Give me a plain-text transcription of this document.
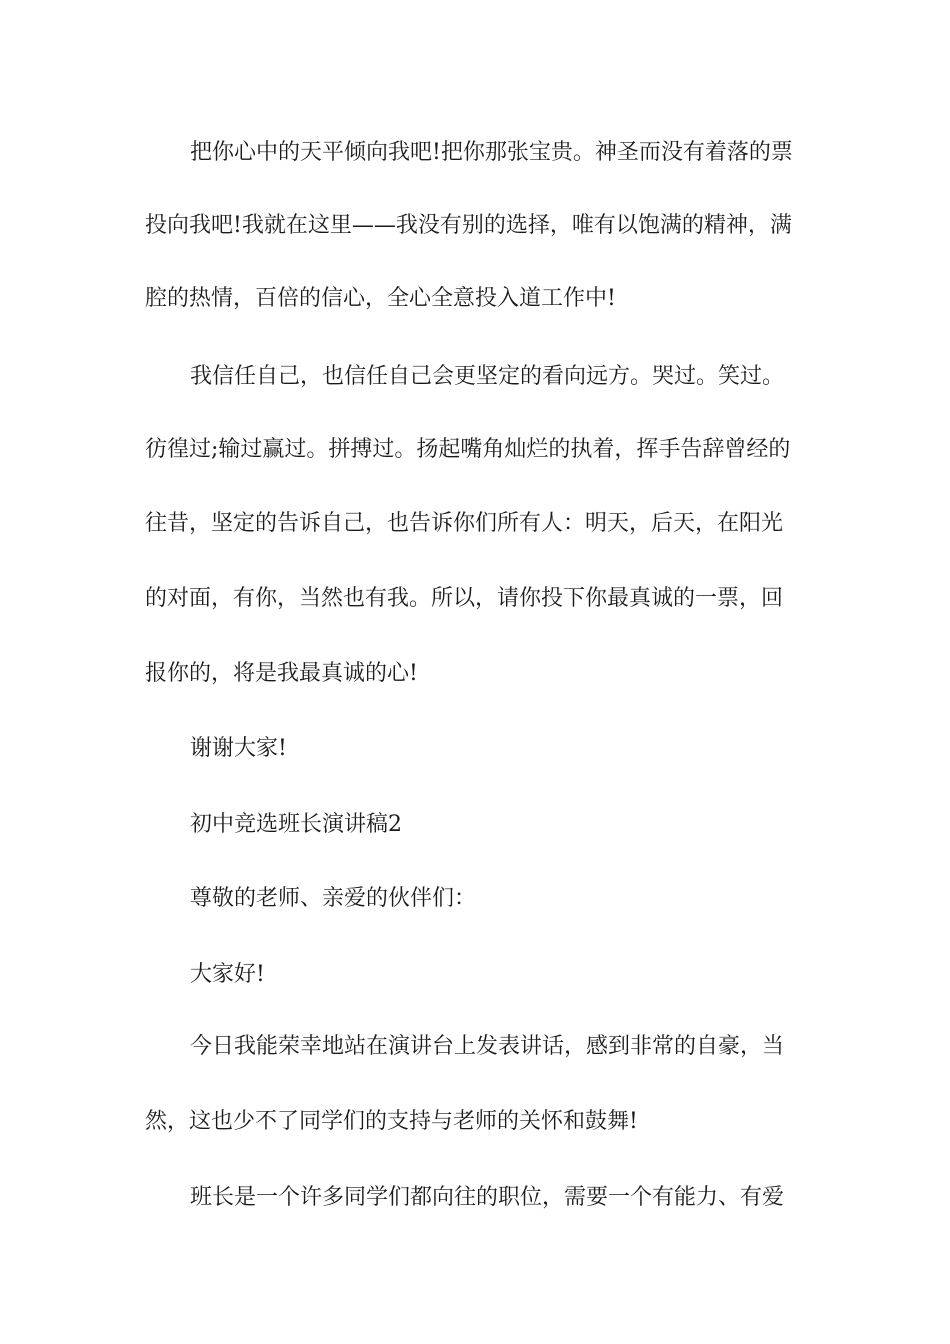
把你心中的天平倾向我吧!把你那张宝贵。神圣而没有着落的票
投向我吧!我就在这里——我没有别的选择，唯有以饱满的精神，满
腔的热情，百倍的信心，全心全意投入道工作中!
我信任自己，也信任自己会更坚定的看向远方。哭过。笑过。
彷徨过;输过赢过。拼搏过。扬起嘴角灿烂的执着，挥手告辞曾经的
往昔，坚定的告诉自己，也告诉你们所有人：明天，后天，在阳光
的对面，有你，当然也有我。所以，请你投下你最真诚的一票，回
报你的，将是我最真诚的心!
谢谢大家!
初中竞选班长演讲稿2
尊敬的老师、亲爱的伙伴们：
大家好!
今日我能荣幸地站在演讲台上发表讲话，感到非常的自豪，当
然，这也少不了同学们的支持与老师的关怀和鼓舞!
班长是一个许多同学们都向往的职位，需要一个有能力、有爱
